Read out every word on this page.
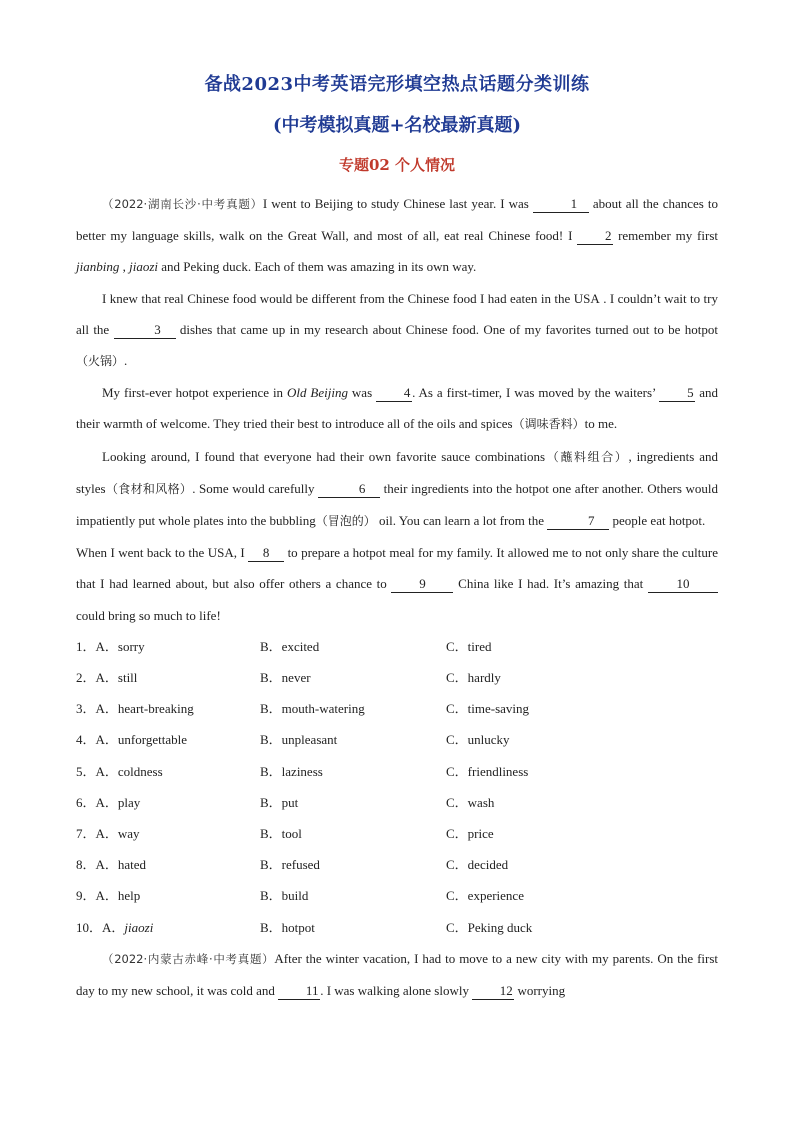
备战2023中考英语完形填空热点话题分类训练
(中考模拟真题+名校最新真题)
专题02 个人情况

（2022·湖南长沙·中考真题）I went to Beijing to study Chinese last year. I was	1 about all the chances to better my language skills, walk on the Great Wall, and most of all, eat real Chinese food! I 2 remember my first jianbing , jiaozi and Peking duck. Each of them was amazing in its own way.

I knew that real Chinese food would be different from the Chinese food I had eaten in the USA . I couldn’t wait to try all the	3 dishes that came up in my research about Chinese food. One of my favorites turned out to be hotpot（火锅）.

My first-ever hotpot experience in Old Beijing was 4 . As a first-timer, I was moved by the waiters’ 5 and their warmth of welcome. They tried their best to introduce all of the oils and spices（调味香料）to me.

Looking around, I found that everyone had their own favorite sauce combinations（蘸料组合）, ingredients and styles（食材和风格）. Some would carefully	6 their ingredients into the hotpot one after another. Others would impatiently put whole plates into the bubbling（冒泡的） oil. You can learn a lot from the	7 people eat hotpot.

When I went back to the USA, I 8 to prepare a hotpot meal for my family. It allowed me to not only share the culture that I had learned about, but also offer others a chance to 9 China like I had. It’s amazing that 10 could bring so much to life!

1．A．sorry	B．excited	C．tired
2．A．still	B．never	C．hardly
3．A．heart-breaking	B．mouth-watering	C．time-saving
4．A．unforgettable	B．unpleasant	C．unlucky
5．A．coldness	B．laziness	C．friendliness
6．A．play	B．put	C．wash
7．A．way	B．tool	C．price
8．A．hated	B．refused	C．decided
9．A．help	B．build	C．experience
10．A．jiaozi	B．hotpot	C．Peking duck

（2022·内蒙古赤峰·中考真题）After the winter vacation, I had to move to a new city with my parents. On the first day to my new school, it was cold and 11 . I was walking alone slowly 12 worrying
